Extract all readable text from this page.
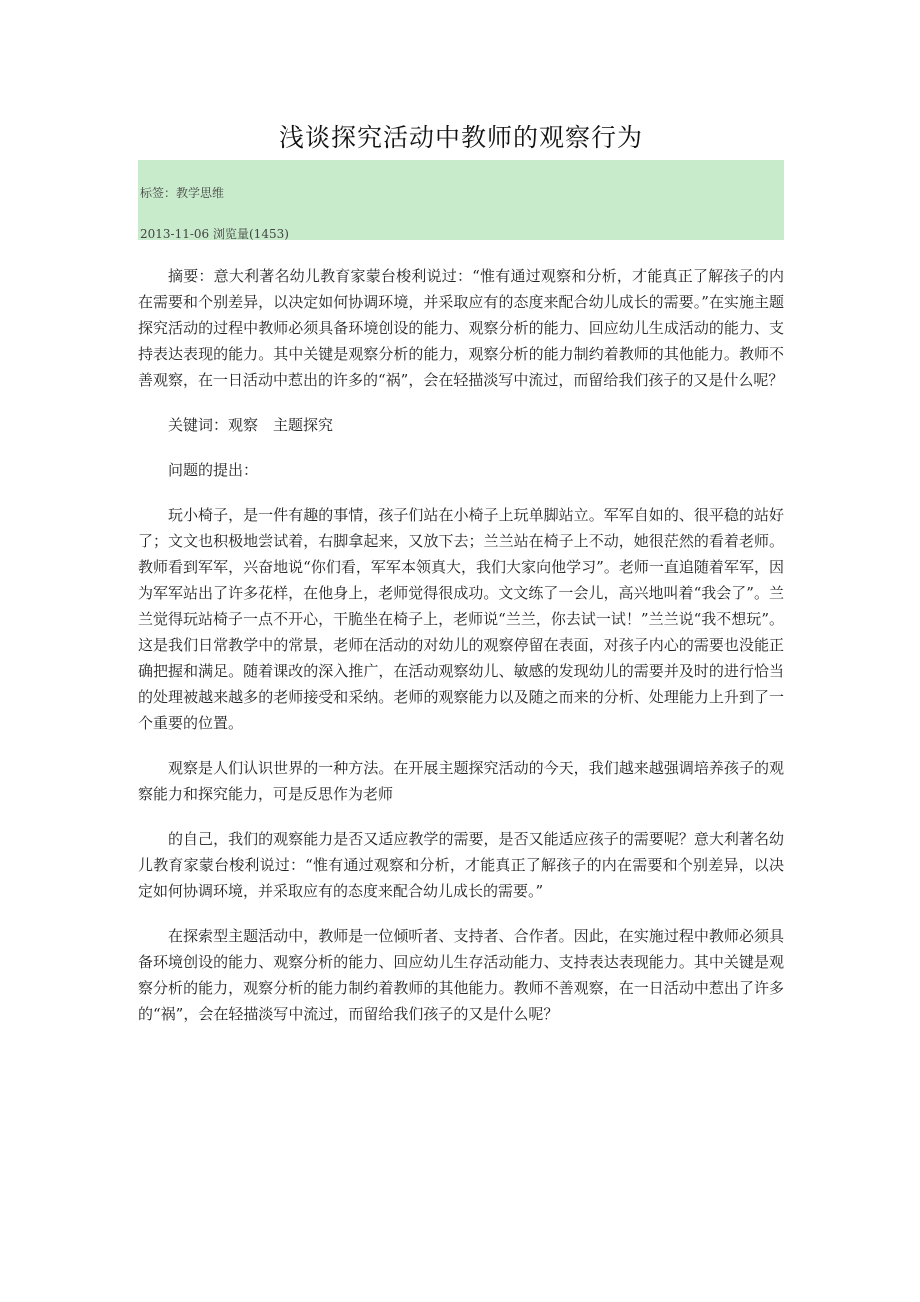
浅谈探究活动中教师的观察行为
标签：教学思维
2013-11-06 浏览量(1453)

摘要：意大利著名幼儿教育家蒙台梭利说过：“惟有通过观察和分析，才能真正了解孩子的内在需要和个别差异，以决定如何协调环境，并采取应有的态度来配合幼儿成长的需要。”在实施主题探究活动的过程中教师必须具备环境创设的能力、观察分析的能力、回应幼儿生成活动的能力、支持表达表现的能力。其中关键是观察分析的能力，观察分析的能力制约着教师的其他能力。教师不善观察，在一日活动中惹出的许多的“祸”，会在轻描淡写中流过，而留给我们孩子的又是什么呢？

关键词：观察　主题探究

问题的提出：

玩小椅子，是一件有趣的事情，孩子们站在小椅子上玩单脚站立。军军自如的、很平稳的站好了；文文也积极地尝试着，右脚拿起来，又放下去；兰兰站在椅子上不动，她很茫然的看着老师。教师看到军军，兴奋地说“你们看，军军本领真大，我们大家向他学习”。老师一直追随着军军，因为军军站出了许多花样，在他身上，老师觉得很成功。文文练了一会儿，高兴地叫着“我会了”。兰兰觉得玩站椅子一点不开心，干脆坐在椅子上，老师说“兰兰，你去试一试！”兰兰说“我不想玩”。这是我们日常教学中的常景，老师在活动的对幼儿的观察停留在表面，对孩子内心的需要也没能正确把握和满足。随着课改的深入推广，在活动观察幼儿、敏感的发现幼儿的需要并及时的进行恰当的处理被越来越多的老师接受和采纳。老师的观察能力以及随之而来的分析、处理能力上升到了一个重要的位置。

观察是人们认识世界的一种方法。在开展主题探究活动的今天，我们越来越强调培养孩子的观察能力和探究能力，可是反思作为老师

的自己，我们的观察能力是否又适应教学的需要，是否又能适应孩子的需要呢？意大利著名幼儿教育家蒙台梭利说过：“惟有通过观察和分析，才能真正了解孩子的内在需要和个别差异，以决定如何协调环境，并采取应有的态度来配合幼儿成长的需要。”

在探索型主题活动中，教师是一位倾听者、支持者、合作者。因此，在实施过程中教师必须具备环境创设的能力、观察分析的能力、回应幼儿生存活动能力、支持表达表现能力。其中关键是观察分析的能力，观察分析的能力制约着教师的其他能力。教师不善观察，在一日活动中惹出了许多的“祸”，会在轻描淡写中流过，而留给我们孩子的又是什么呢？
